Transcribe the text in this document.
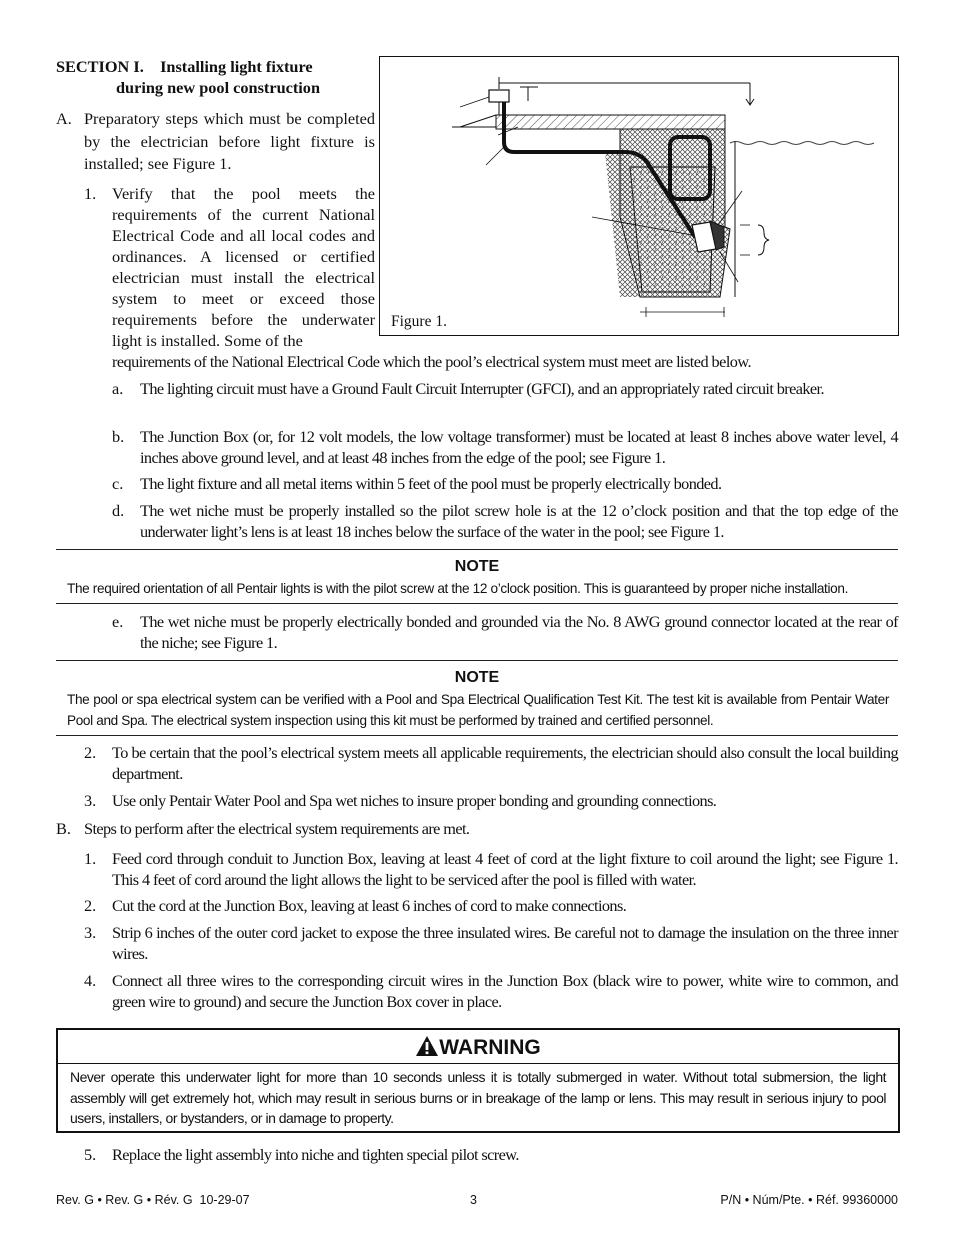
SECTION I. Installing light fixture
during new pool construction
A. Preparatory steps which must be completed by the electrician before light fixture is installed; see Figure 1.
1. Verify that the pool meets the requirements of the current National Electrical Code and all local codes and ordinances. A licensed or certified electrician must install the electrical system to meet or exceed those requirements before the underwater light is installed. Some of the
requirements of the National Electrical Code which the pool’s electrical system must meet are listed below.
a. The lighting circuit must have a Ground Fault Circuit Interrupter (GFCI), and an appropriately rated circuit breaker.
b. The Junction Box (or, for 12 volt models, the low voltage transformer) must be located at least 8 inches above water level, 4 inches above ground level, and at least 48 inches from the edge of the pool; see Figure 1.
c. The light fixture and all metal items within 5 feet of the pool must be properly electrically bonded.
d. The wet niche must be properly installed so the pilot screw hole is at the 12 o’clock position and that the top edge of the underwater light’s lens is at least 18 inches below the surface of the water in the pool; see Figure 1.
NOTE
The required orientation of all Pentair lights is with the pilot screw at the 12 o’clock position. This is guaranteed by proper niche installation.
e. The wet niche must be properly electrically bonded and grounded via the No. 8 AWG ground connector located at the rear of the niche; see Figure 1.
NOTE
The pool or spa electrical system can be verified with a Pool and Spa Electrical Qualification Test Kit. The test kit is available from Pentair Water Pool and Spa. The electrical system inspection using this kit must be performed by trained and certified personnel.
2. To be certain that the pool’s electrical system meets all applicable requirements, the electrician should also consult the local building department.
3. Use only Pentair Water Pool and Spa wet niches to insure proper bonding and grounding connections.
B. Steps to perform after the electrical system requirements are met.
1. Feed cord through conduit to Junction Box, leaving at least 4 feet of cord at the light fixture to coil around the light; see Figure 1. This 4 feet of cord around the light allows the light to be serviced after the pool is filled with water.
2. Cut the cord at the Junction Box, leaving at least 6 inches of cord to make connections.
3. Strip 6 inches of the outer cord jacket to expose the three insulated wires. Be careful not to damage the insulation on the three inner wires.
4. Connect all three wires to the corresponding circuit wires in the Junction Box (black wire to power, white wire to common, and green wire to ground) and secure the Junction Box cover in place.
WARNING
Never operate this underwater light for more than 10 seconds unless it is totally submerged in water. Without total submersion, the light assembly will get extremely hot, which may result in serious burns or in breakage of the lamp or lens. This may result in serious injury to pool users, installers, or bystanders, or in damage to property.
5. Replace the light assembly into niche and tighten special pilot screw.
Rev. G • Rev. G • Rév. G  10-29-07	3	P/N • Núm/Pte. • Réf. 99360000
Figure 1.
